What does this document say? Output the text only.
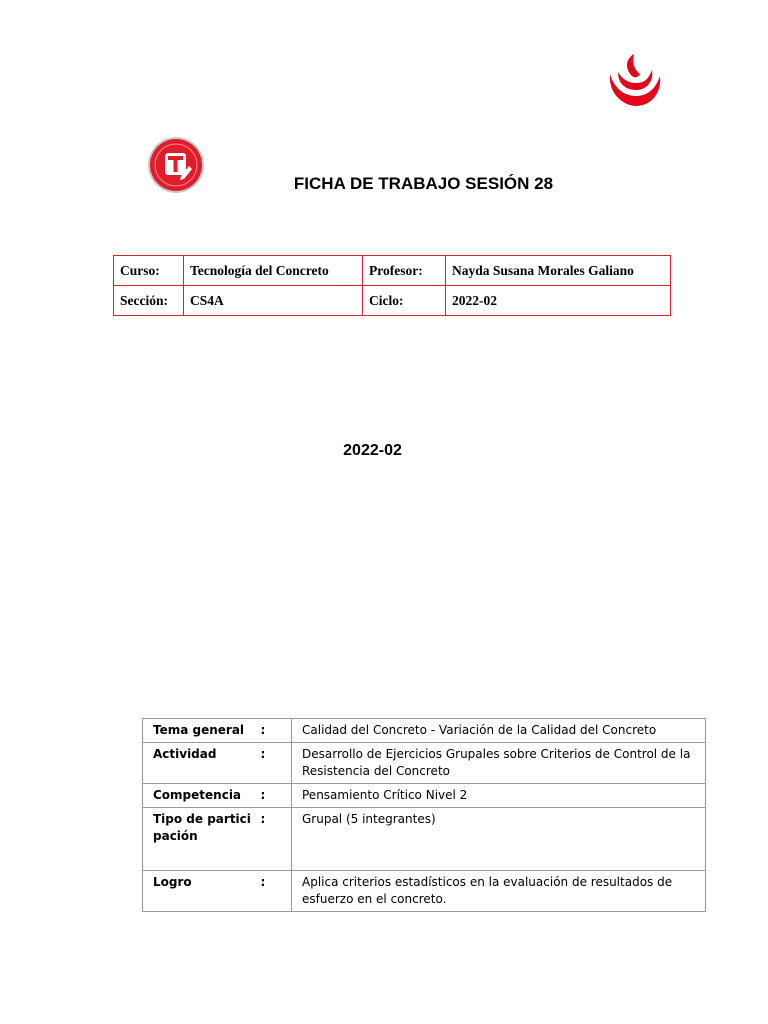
FICHA DE TRABAJO SESIÓN 28
Curso:	Tecnología del Concreto	Profesor:	Nayda Susana Morales Galiano
Sección:	CS4A	Ciclo:	2022-02
2022-02
Tema general	:	Calidad del Concreto - Variación de la Calidad del Concreto
Actividad	:	Desarrollo de Ejercicios Grupales sobre Criterios de Control de la Resistencia del Concreto
Competencia	:	Pensamiento Crítico Nivel 2
Tipo de participación	:	Grupal (5 integrantes)
Logro	:	Aplica criterios estadísticos en la evaluación de resultados de esfuerzo en el concreto.
